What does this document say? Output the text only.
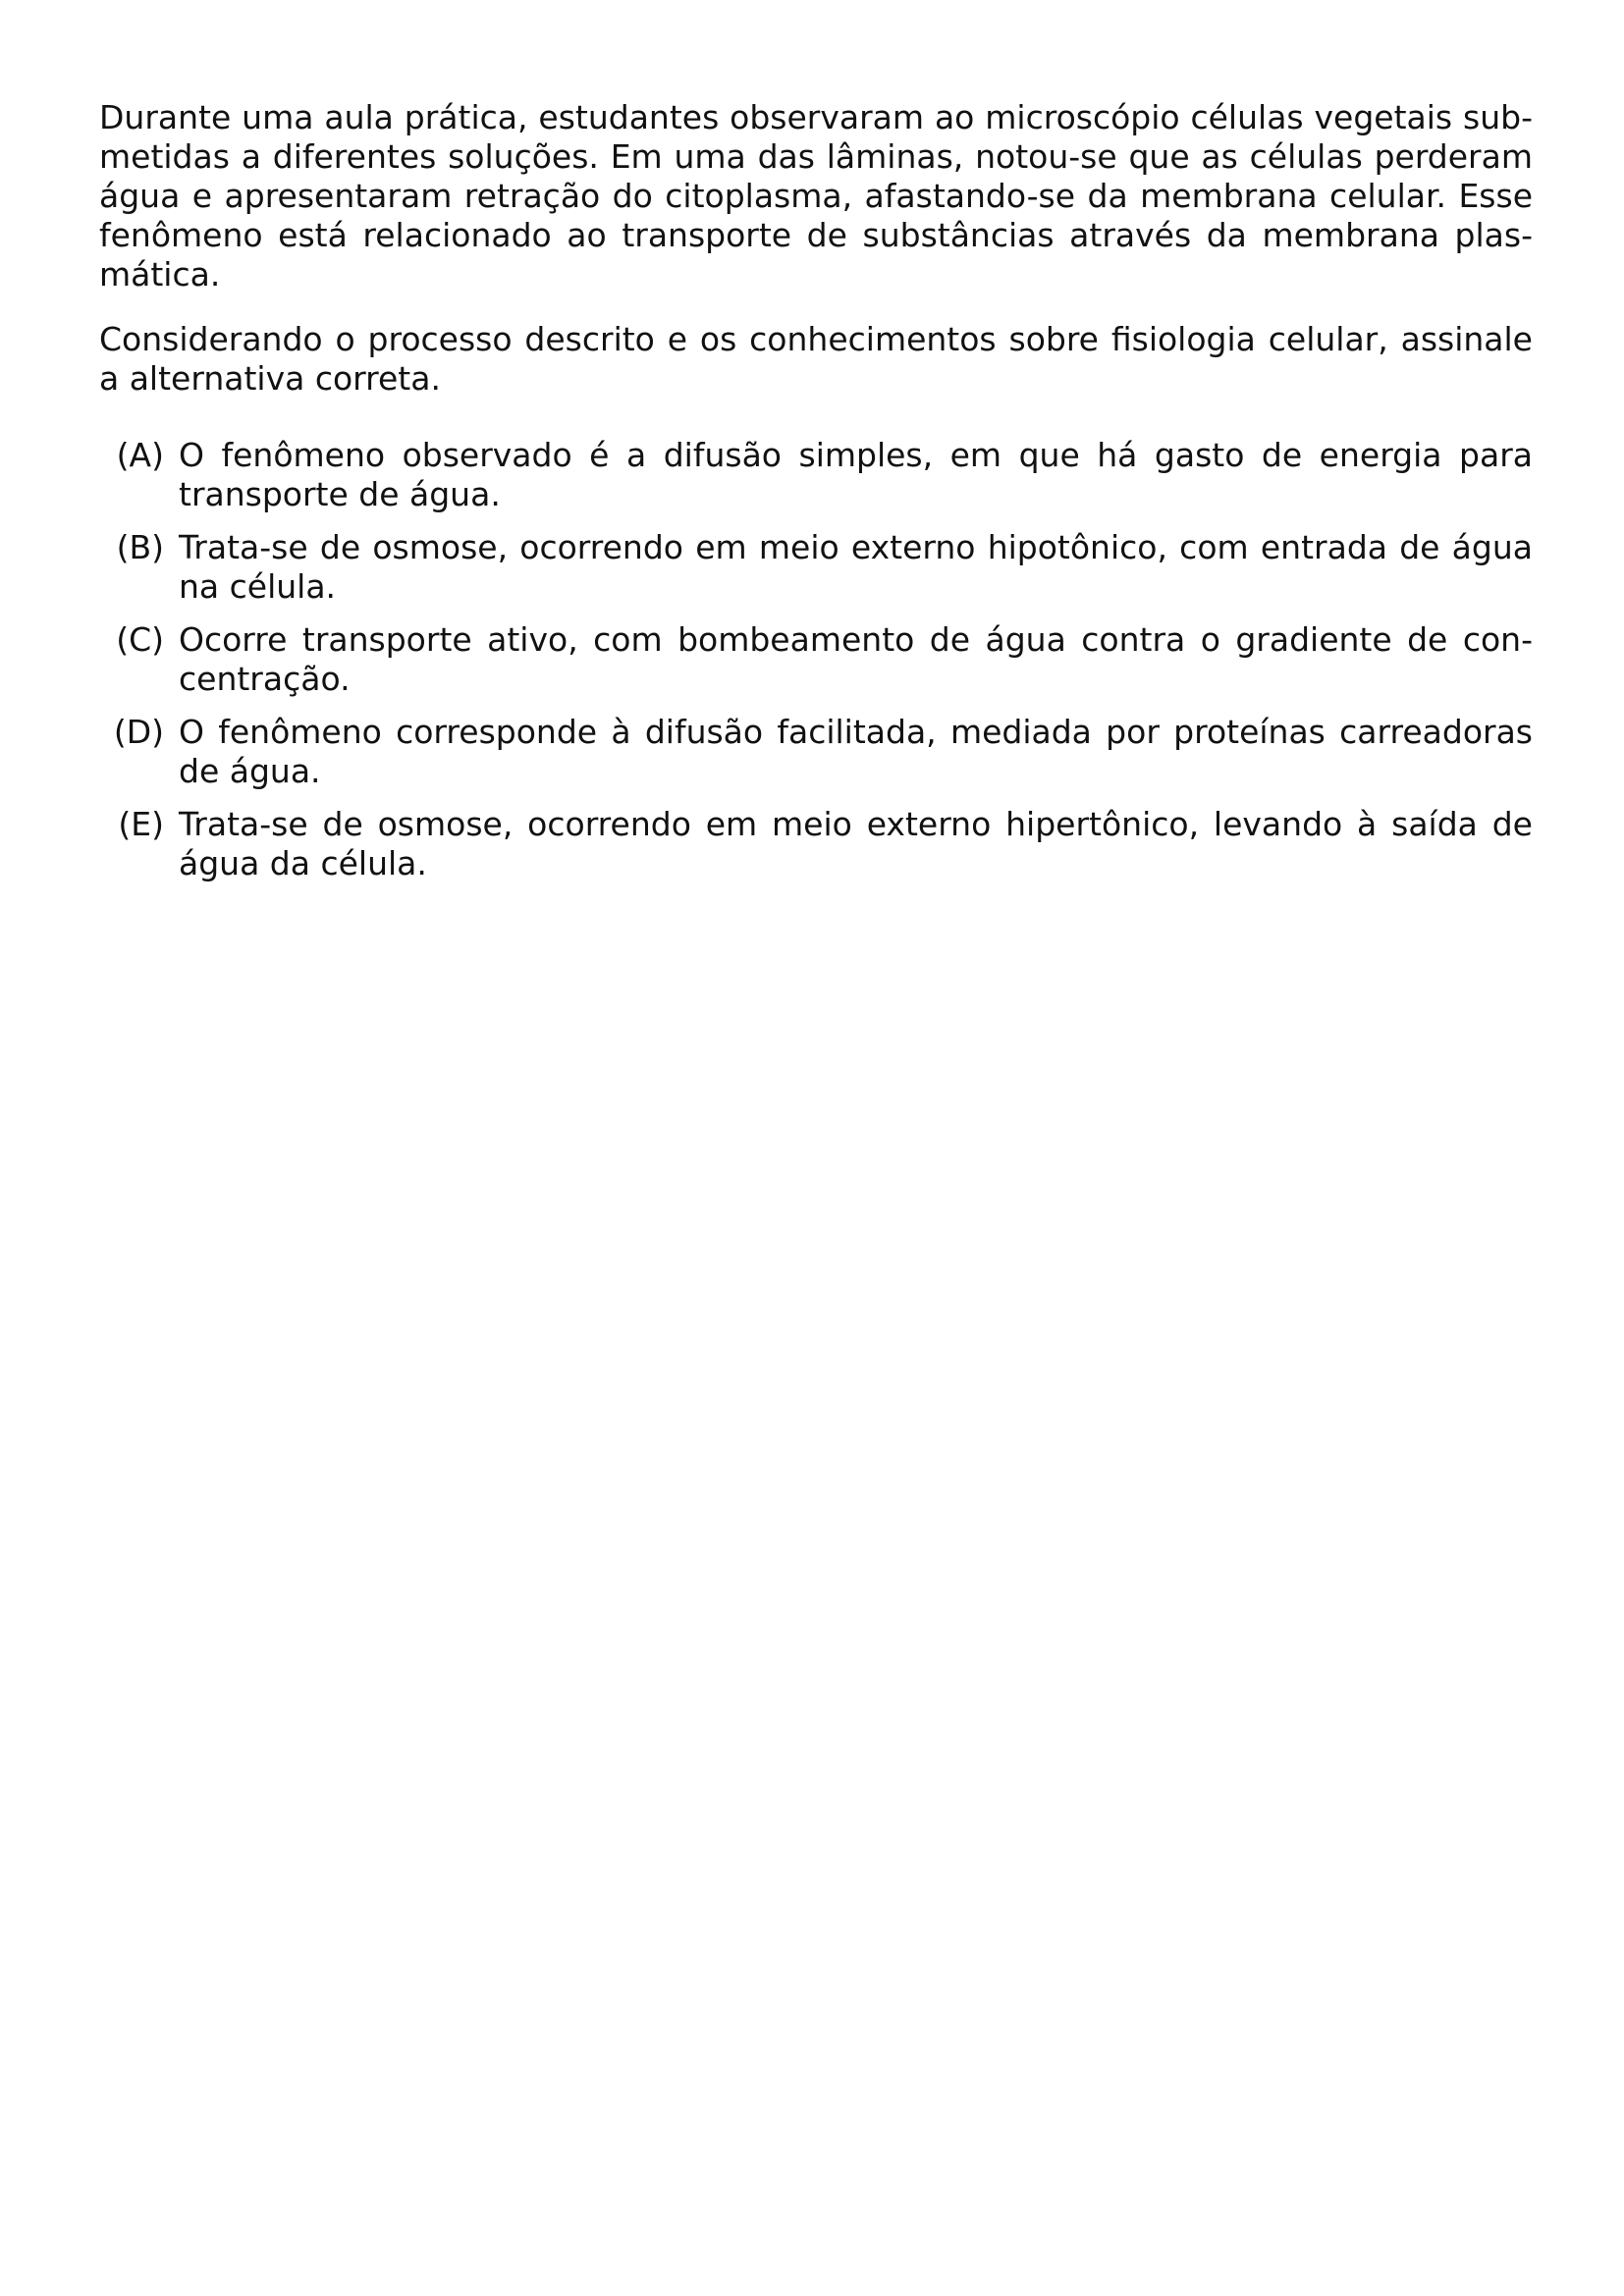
Durante uma aula prática, estudantes observaram ao microscópio células vegetais submetidas a diferentes soluções. Em uma das lâminas, notou-se que as células perderam água e apresentaram retração do citoplasma, afastando-se da membrana celular. Esse fenômeno está relacionado ao transporte de substâncias através da membrana plasmática.

Considerando o processo descrito e os conhecimentos sobre fisiologia celular, assinale a alternativa correta.

(A) O fenômeno observado é a difusão simples, em que há gasto de energia para transporte de água.
(B) Trata-se de osmose, ocorrendo em meio externo hipotônico, com entrada de água na célula.
(C) Ocorre transporte ativo, com bombeamento de água contra o gradiente de concentração.
(D) O fenômeno corresponde à difusão facilitada, mediada por proteínas carreadoras de água.
(E) Trata-se de osmose, ocorrendo em meio externo hipertônico, levando à saída de água da célula.
